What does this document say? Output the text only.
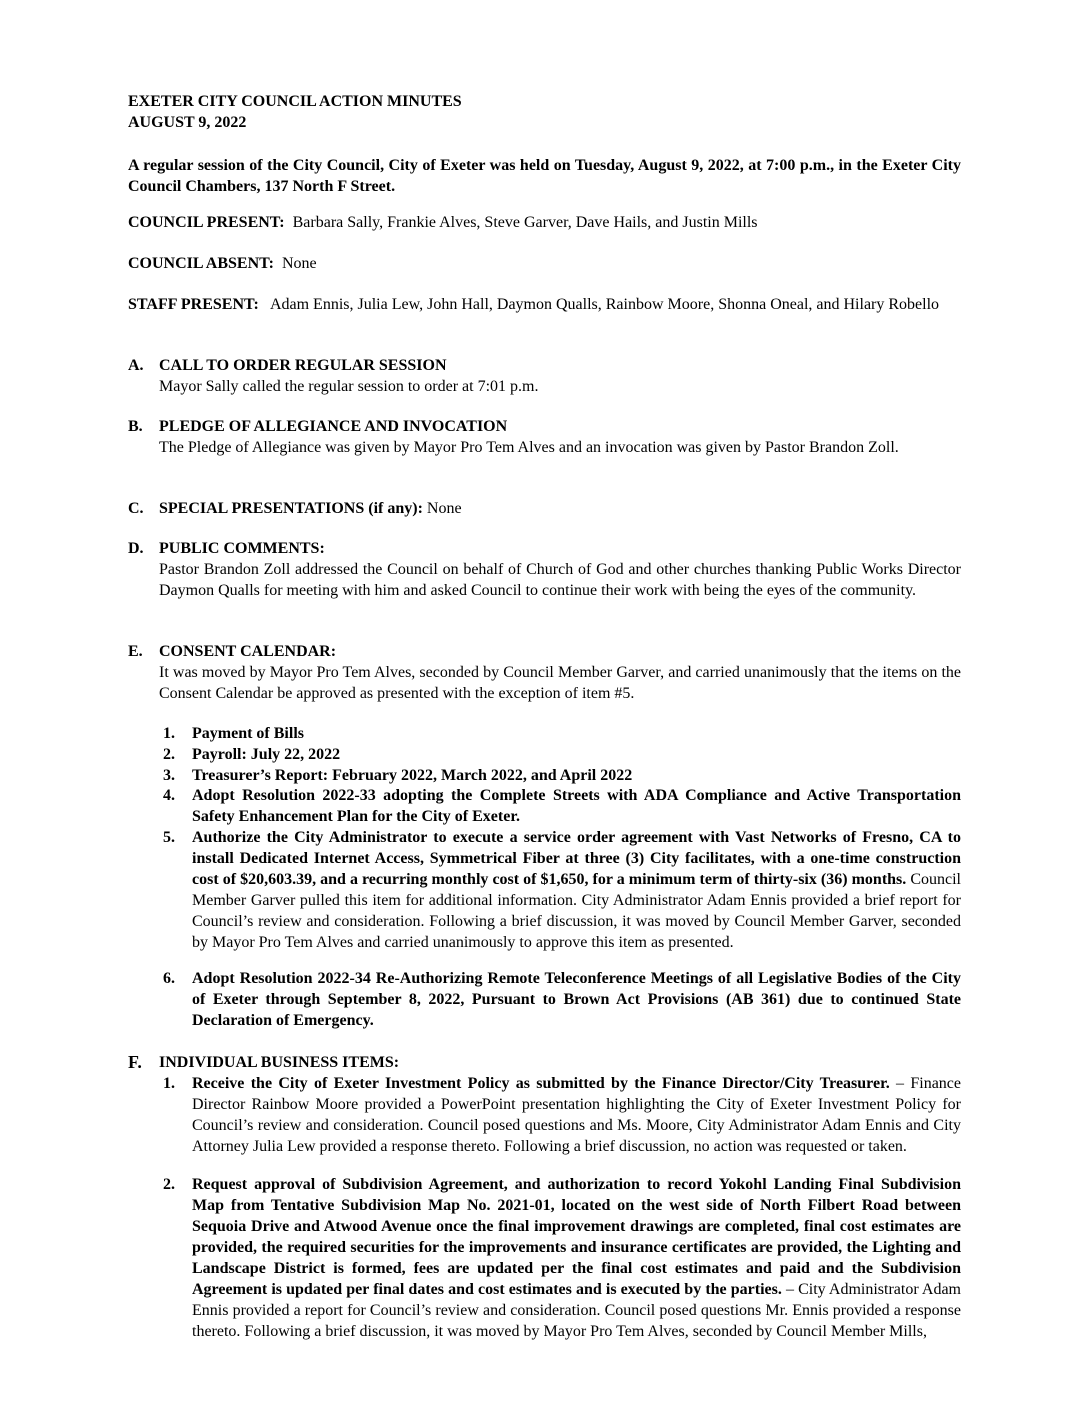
EXETER CITY COUNCIL ACTION MINUTES
AUGUST 9, 2022
A regular session of the City Council, City of Exeter was held on Tuesday, August 9, 2022, at 7:00 p.m., in the Exeter City Council Chambers, 137 North F Street.
COUNCIL PRESENT: Barbara Sally, Frankie Alves, Steve Garver, Dave Hails, and Justin Mills
COUNCIL ABSENT: None
STAFF PRESENT: Adam Ennis, Julia Lew, John Hall, Daymon Qualls, Rainbow Moore, Shonna Oneal, and Hilary Robello
A. CALL TO ORDER REGULAR SESSION
Mayor Sally called the regular session to order at 7:01 p.m.
B. PLEDGE OF ALLEGIANCE AND INVOCATION
The Pledge of Allegiance was given by Mayor Pro Tem Alves and an invocation was given by Pastor Brandon Zoll.
C. SPECIAL PRESENTATIONS (if any): None
D. PUBLIC COMMENTS:
Pastor Brandon Zoll addressed the Council on behalf of Church of God and other churches thanking Public Works Director Daymon Qualls for meeting with him and asked Council to continue their work with being the eyes of the community.
E. CONSENT CALENDAR:
It was moved by Mayor Pro Tem Alves, seconded by Council Member Garver, and carried unanimously that the items on the Consent Calendar be approved as presented with the exception of item #5.
1. Payment of Bills
2. Payroll: July 22, 2022
3. Treasurer’s Report: February 2022, March 2022, and April 2022
4. Adopt Resolution 2022-33 adopting the Complete Streets with ADA Compliance and Active Transportation Safety Enhancement Plan for the City of Exeter.
5. Authorize the City Administrator to execute a service order agreement with Vast Networks of Fresno, CA to install Dedicated Internet Access, Symmetrical Fiber at three (3) City facilitates, with a one-time construction cost of $20,603.39, and a recurring monthly cost of $1,650, for a minimum term of thirty-six (36) months. Council Member Garver pulled this item for additional information. City Administrator Adam Ennis provided a brief report for Council’s review and consideration. Following a brief discussion, it was moved by Council Member Garver, seconded by Mayor Pro Tem Alves and carried unanimously to approve this item as presented.
6. Adopt Resolution 2022-34 Re-Authorizing Remote Teleconference Meetings of all Legislative Bodies of the City of Exeter through September 8, 2022, Pursuant to Brown Act Provisions (AB 361) due to continued State Declaration of Emergency.
F. INDIVIDUAL BUSINESS ITEMS:
1. Receive the City of Exeter Investment Policy as submitted by the Finance Director/City Treasurer. – Finance Director Rainbow Moore provided a PowerPoint presentation highlighting the City of Exeter Investment Policy for Council’s review and consideration. Council posed questions and Ms. Moore, City Administrator Adam Ennis and City Attorney Julia Lew provided a response thereto. Following a brief discussion, no action was requested or taken.
2. Request approval of Subdivision Agreement, and authorization to record Yokohl Landing Final Subdivision Map from Tentative Subdivision Map No. 2021-01, located on the west side of North Filbert Road between Sequoia Drive and Atwood Avenue once the final improvement drawings are completed, final cost estimates are provided, the required securities for the improvements and insurance certificates are provided, the Lighting and Landscape District is formed, fees are updated per the final cost estimates and paid and the Subdivision Agreement is updated per final dates and cost estimates and is executed by the parties. – City Administrator Adam Ennis provided a report for Council’s review and consideration. Council posed questions Mr. Ennis provided a response thereto. Following a brief discussion, it was moved by Mayor Pro Tem Alves, seconded by Council Member Mills,
